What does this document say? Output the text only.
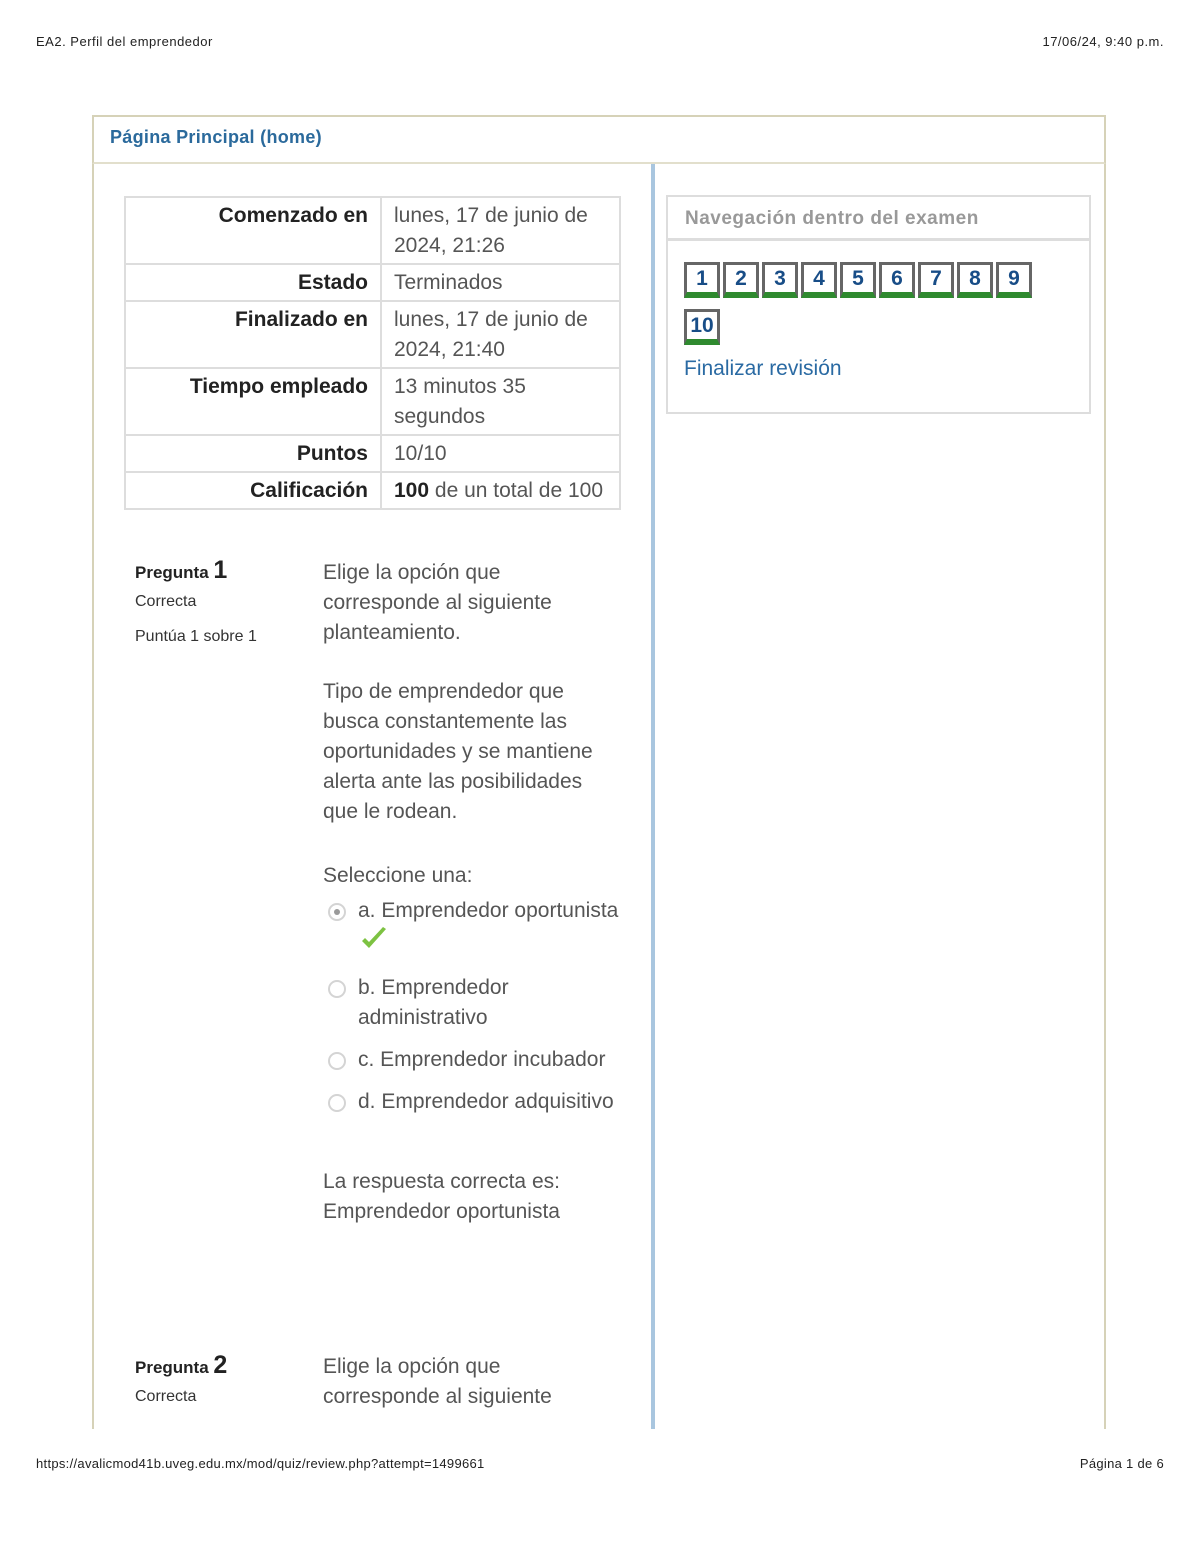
EA2. Perfil del emprendedor	17/06/24, 9:40 p.m.
Página Principal (home)
Comenzado en	lunes, 17 de junio de 2024, 21:26
Estado	Terminados
Finalizado en	lunes, 17 de junio de 2024, 21:40
Tiempo empleado	13 minutos 35 segundos
Puntos	10/10
Calificación	100 de un total de 100
Pregunta 1
Correcta
Puntúa 1 sobre 1

Elige la opción que corresponde al siguiente planteamiento.

Tipo de emprendedor que busca constantemente las oportunidades y se mantiene alerta ante las posibilidades que le rodean.

Seleccione una:
a. Emprendedor oportunista
b. Emprendedor administrativo
c. Emprendedor incubador
d. Emprendedor adquisitivo
La respuesta correcta es: Emprendedor oportunista
Pregunta 2
Correcta

Elige la opción que corresponde al siguiente

Navegación dentro del examen
1 2 3 4 5 6 7 8 9
10
Finalizar revisión
https://avalicmod41b.uveg.edu.mx/mod/quiz/review.php?attempt=1499661	Página 1 de 6
